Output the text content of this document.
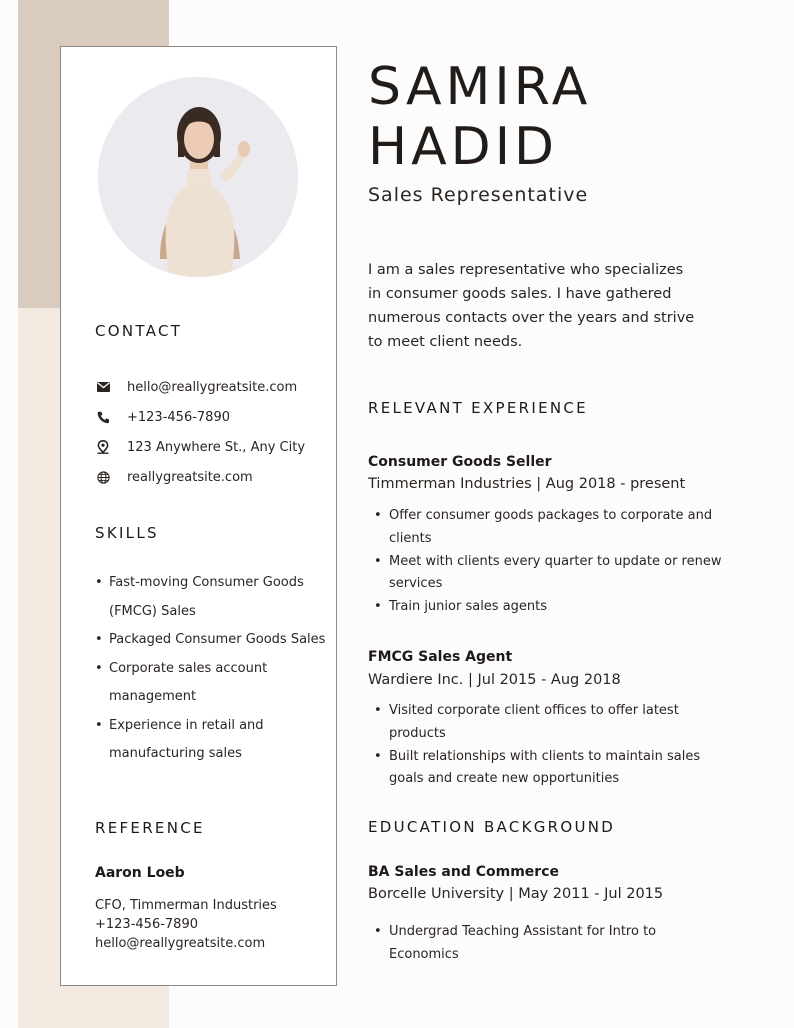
CONTACT
hello@reallygreatsite.com
+123-456-7890
123 Anywhere St., Any City
reallygreatsite.com
SKILLS
• Fast-moving Consumer Goods (FMCG) Sales
• Packaged Consumer Goods Sales
• Corporate sales account management
• Experience in retail and manufacturing sales
REFERENCE

Aaron Loeb

CFO, Timmerman Industries

+123-456-7890

hello@reallygreatsite.com

SAMIRA
HADID

Sales Representative

I am a sales representative who specializes in consumer goods sales. I have gathered numerous contacts over the years and strive to meet client needs.

RELEVANT EXPERIENCE

Consumer Goods Seller

Timmerman Industries | Aug 2018 - present

• Offer consumer goods packages to corporate and clients
• Meet with clients every quarter to update or renew services
• Train junior sales agents

FMCG Sales Agent

Wardiere Inc. | Jul 2015 - Aug 2018

• Visited corporate client offices to offer latest products
• Built relationships with clients to maintain sales goals and create new opportunities
EDUCATION BACKGROUND

BA Sales and Commerce

Borcelle University | May 2011 - Jul 2015

• Undergrad Teaching Assistant for Intro to Economics
